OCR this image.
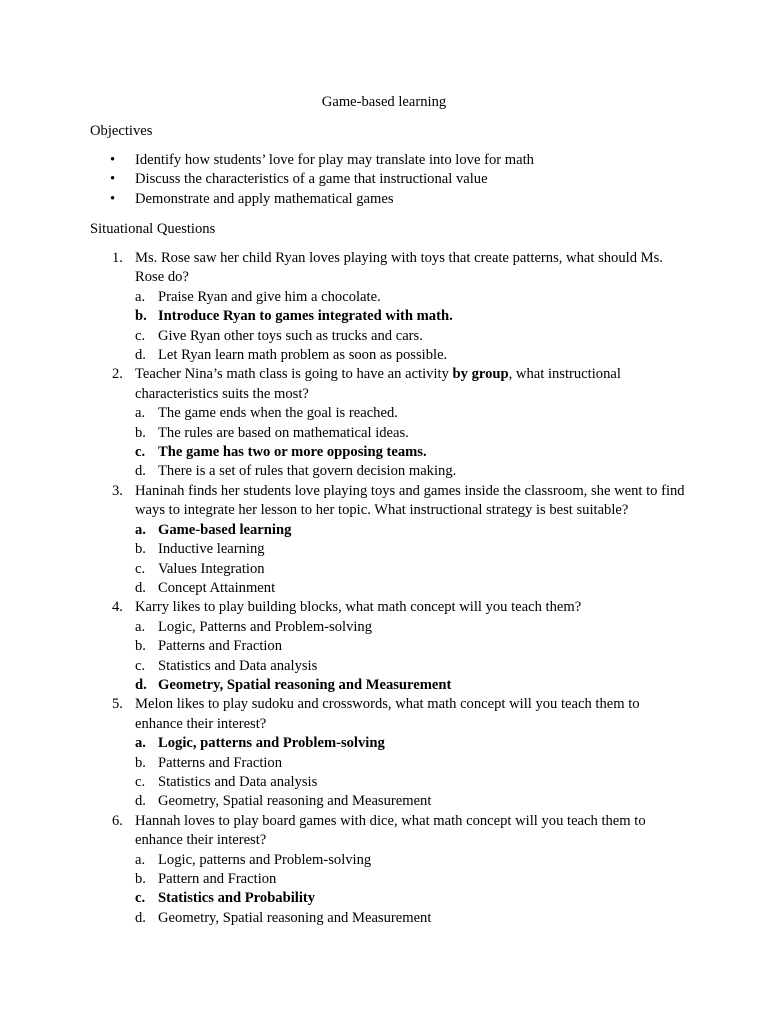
Game-based learning
Objectives
• Identify how students’ love for play may translate into love for math
• Discuss the characteristics of a game that instructional value
• Demonstrate and apply mathematical games
Situational Questions
1. Ms. Rose saw her child Ryan loves playing with toys that create patterns, what should Ms. Rose do?
a. Praise Ryan and give him a chocolate.
b. Introduce Ryan to games integrated with math.
c. Give Ryan other toys such as trucks and cars.
d. Let Ryan learn math problem as soon as possible.
2. Teacher Nina’s math class is going to have an activity by group, what instructional characteristics suits the most?
a. The game ends when the goal is reached.
b. The rules are based on mathematical ideas.
c. The game has two or more opposing teams.
d. There is a set of rules that govern decision making.
3. Haninah finds her students love playing toys and games inside the classroom, she went to find ways to integrate her lesson to her topic. What instructional strategy is best suitable?
a. Game-based learning
b. Inductive learning
c. Values Integration
d. Concept Attainment
4. Karry likes to play building blocks, what math concept will you teach them?
a. Logic, Patterns and Problem-solving
b. Patterns and Fraction
c. Statistics and Data analysis
d. Geometry, Spatial reasoning and Measurement
5. Melon likes to play sudoku and crosswords, what math concept will you teach them to enhance their interest?
a. Logic, patterns and Problem-solving
b. Patterns and Fraction
c. Statistics and Data analysis
d. Geometry, Spatial reasoning and Measurement
6. Hannah loves to play board games with dice, what math concept will you teach them to enhance their interest?
a. Logic, patterns and Problem-solving
b. Pattern and Fraction
c. Statistics and Probability
d. Geometry, Spatial reasoning and Measurement
